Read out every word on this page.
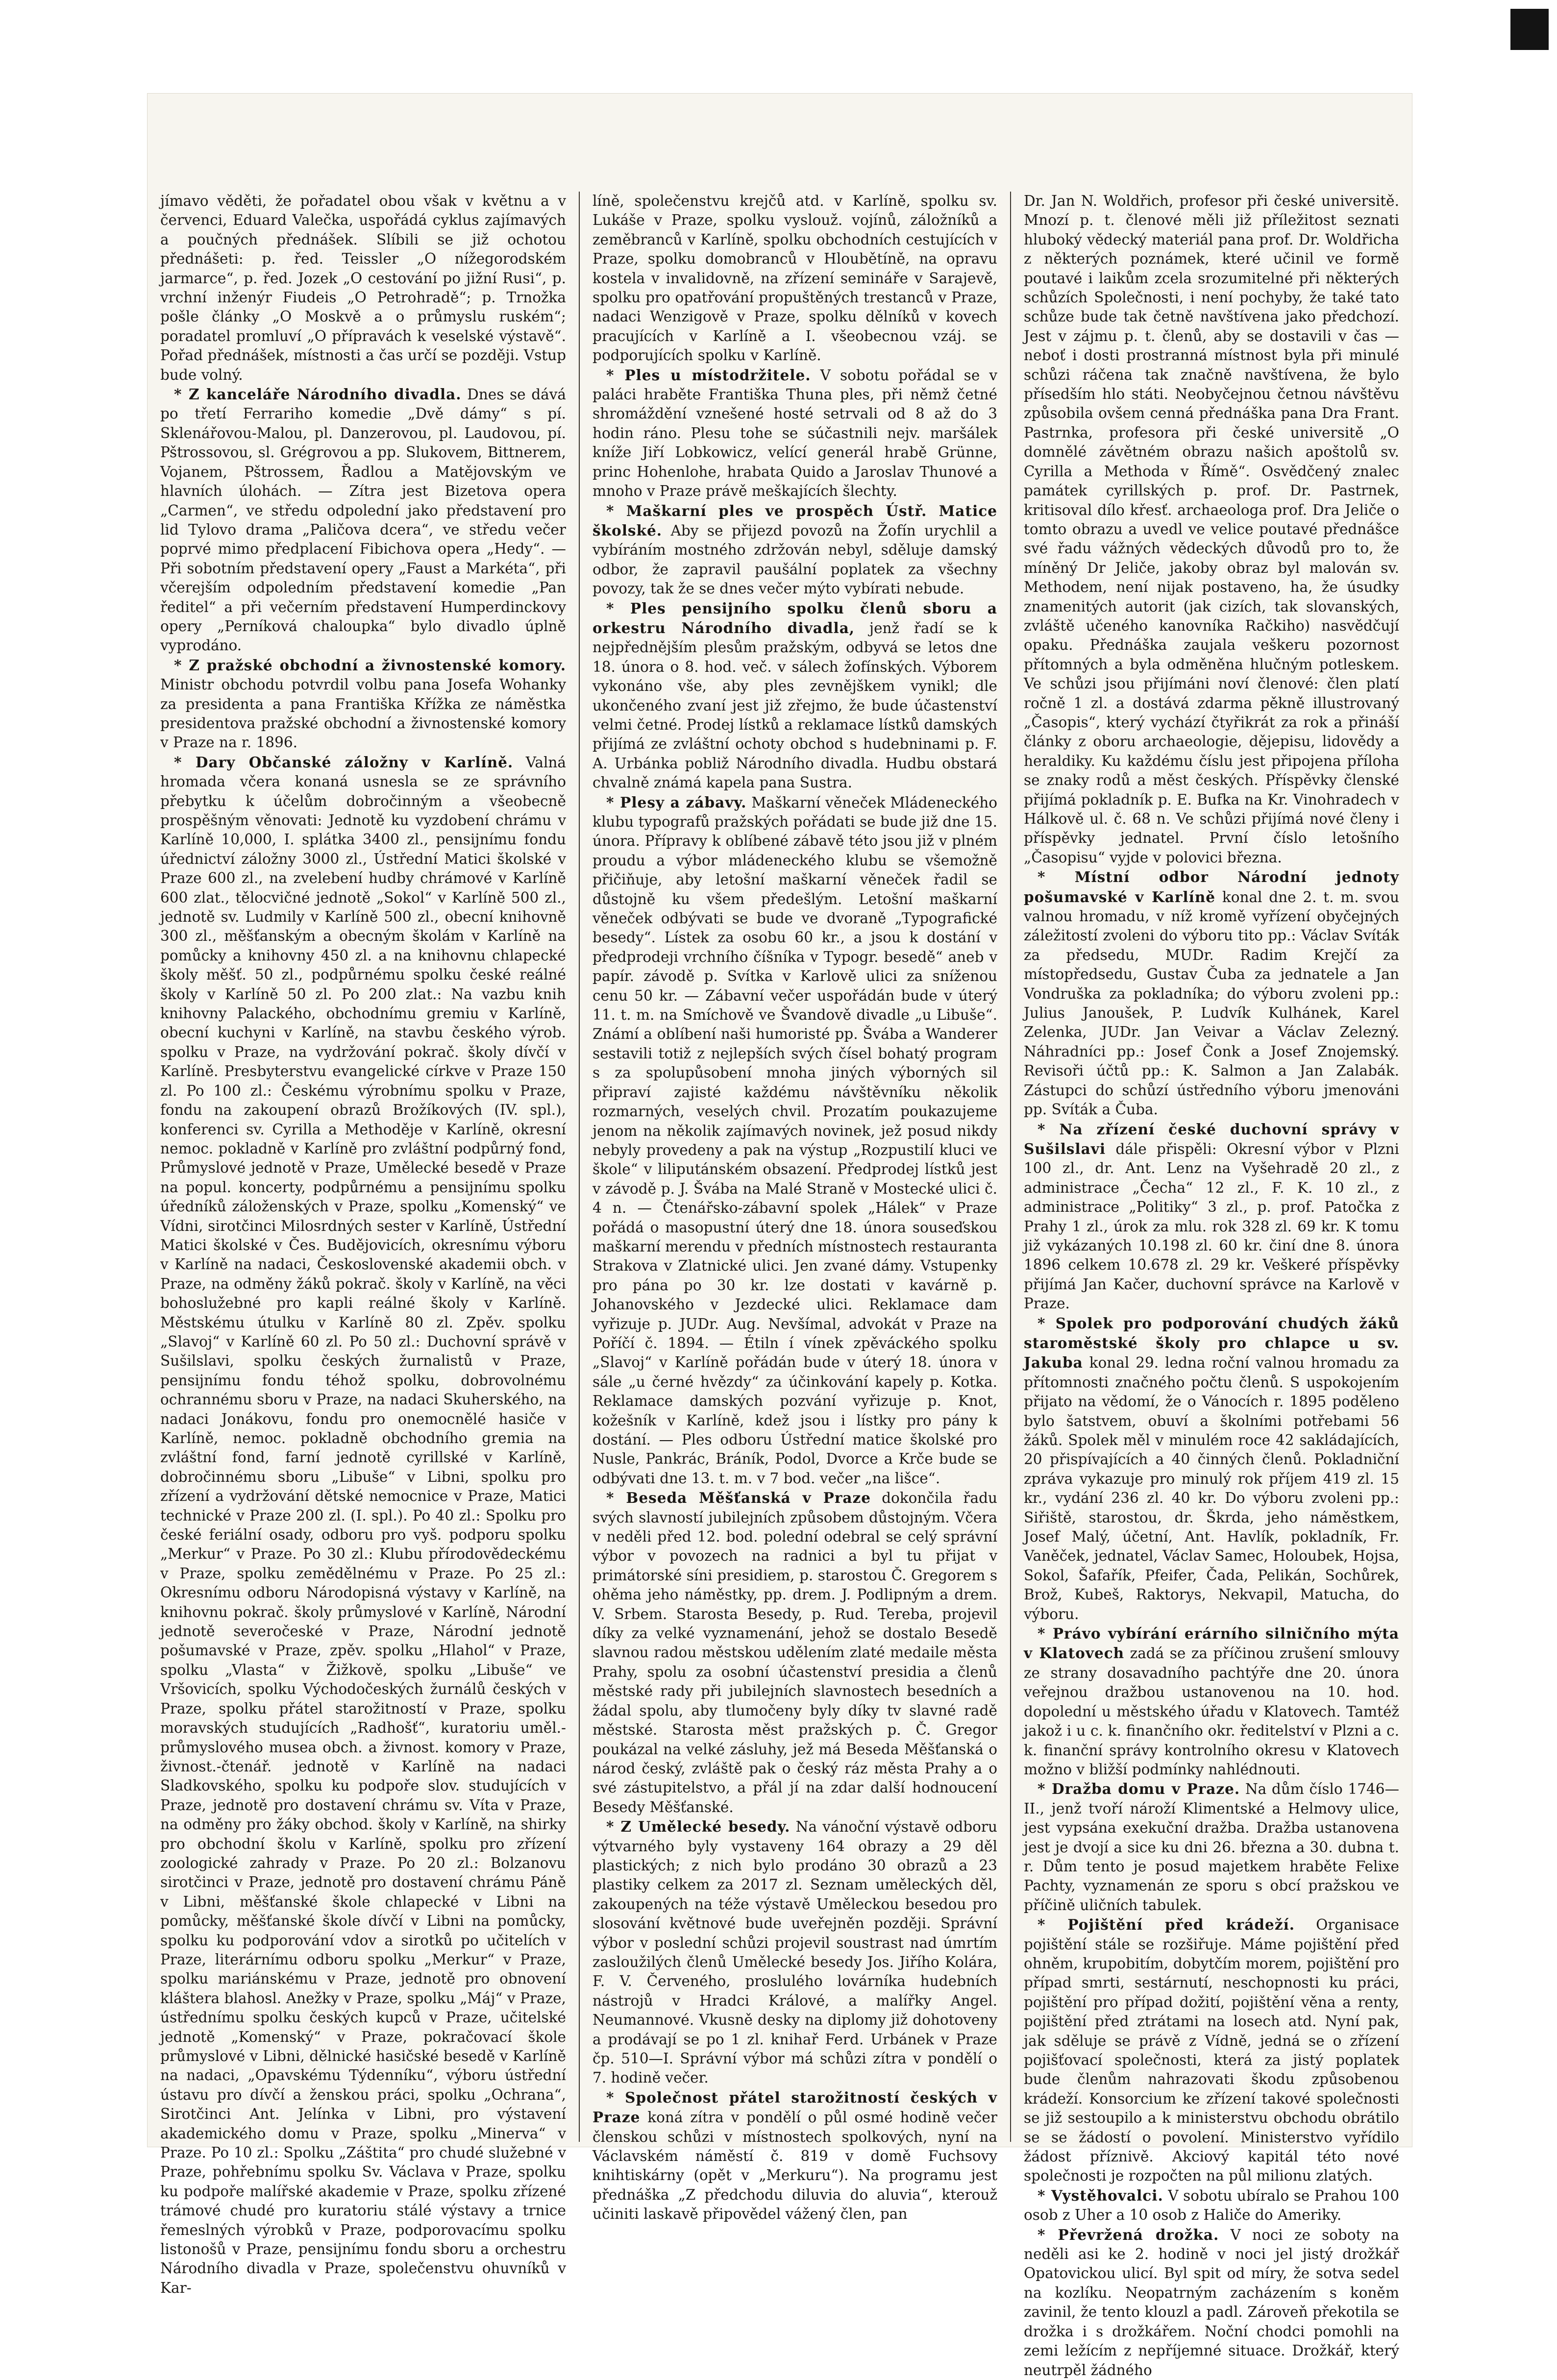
jímavo věděti, že pořadatel obou však v květnu a v červenci, Eduard Valečka, uspořádá cyklus zajímavých a poučných přednášek. Slíbili se již ochotou přednášeti: p. řed. Teissler „O nížegorodském jarmarce“, p. řed. Jozek „O cestování po jižní Rusi“, p. vrchní inženýr Fiudeis „O Petrohradě“; p. Trnožka pošle články „O Moskvě a o průmyslu ruském“; poradatel promluví „O přípravách k veselské výstavě“. Pořad přednášek, místnosti a čas určí se později. Vstup bude volný.

* Z kanceláře Národního divadla. Dnes se dává po třetí Ferrariho komedie „Dvě dámy“ s pí. Sklenářovou-Malou, pl. Danzerovou, pl. Laudovou, pí. Pštrossovou, sl. Grégrovou a pp. Slukovem, Bittnerem, Vojanem, Pštrossem, Řadlou a Matějovským ve hlavních úlohách. — Zítra jest Bizetova opera „Carmen“, ve středu odpolední jako představení pro lid Tylovo drama „Paličova dcera“, ve středu večer poprvé mimo předplacení Fibichova opera „Hedy“. — Při sobotním představení opery „Faust a Markéta“, při včerejším odpoledním představení komedie „Pan ředitel“ a při večerním představení Humperdinckovy opery „Perníková chaloupka“ bylo divadlo úplně vyprodáno.

* Z pražské obchodní a živnostenské komory. Ministr obchodu potvrdil volbu pana Josefa Wohanky za presidenta a pana Františka Křížka ze náměstka presidentova pražské obchodní a živnostenské komory v Praze na r. 1896.

* Dary Občanské záložny v Karlíně. Valná hromada včera konaná usnesla se ze správního přebytku k účelům dobročinným a všeobecně prospěšným věnovati: Jednotě ku vyzdobení chrámu v Karlíně 10,000, I. splátka 3400 zl., pensijnímu fondu úřednictví záložny 3000 zl., Ústřední Matici školské v Praze 600 zl., na zvelebení hudby chrámové v Karlíně 600 zlat., tělocvičné jednotě „Sokol“ v Karlíně 500 zl., jednotě sv. Ludmily v Karlíně 500 zl., obecní knihovně 300 zl., měšťanským a obecným školám v Karlíně na pomůcky a knihovny 450 zl. a na knihovnu chlapecké školy měšť. 50 zl., podpůrnému spolku české reálné školy v Karlíně 50 zl. Po 200 zlat.: Na vazbu knih knihovny Palackého, obchodnímu gremiu v Karlíně, obecní kuchyni v Karlíně, na stavbu českého výrob. spolku v Praze, na vydržování pokrač. školy dívčí v Karlíně. Presbyterstvu evangelické církve v Praze 150 zl. Po 100 zl.: Českému výrobnímu spolku v Praze, fondu na zakoupení obrazů Brožíkových (IV. spl.), konferenci sv. Cyrilla a Methoděje v Karlíně, okresní nemoc. pokladně v Karlíně pro zvláštní podpůrný fond, Průmyslové jednotě v Praze, Umělecké besedě v Praze na popul. koncerty, podpůrnému a pensijnímu spolku úředníků záloženských v Praze, spolku „Komenský“ ve Vídni, sirotčinci Milosrdných sester v Karlíně, Ústřední Matici školské v Čes. Budějovicích, okresnímu výboru v Karlíně na nadaci, Československé akademii obch. v Praze, na odměny žáků pokrač. školy v Karlíně, na věci bohoslužebné pro kapli reálné školy v Karlíně. Městskému útulku v Karlíně 80 zl. Zpěv. spolku „Slavoj“ v Karlíně 60 zl. Po 50 zl.: Duchovní správě v Sušilslavi, spolku českých žurnalistů v Praze, pensijnímu fondu téhož spolku, dobrovolnému ochrannému sboru v Praze, na nadaci Skuherského, na nadaci Jonákovu, fondu pro onemocnělé hasiče v Karlíně, nemoc. pokladně obchodního gremia na zvláštní fond, farní jednotě cyrillské v Karlíně, dobročinnému sboru „Libuše“ v Libni, spolku pro zřízení a vydržování dětské nemocnice v Praze, Matici technické v Praze 200 zl. (I. spl.). Po 40 zl.: Spolku pro české feriální osady, odboru pro vyš. podporu spolku „Merkur“ v Praze. Po 30 zl.: Klubu přírodovědeckému v Praze, spolku zemědělnému v Praze. Po 25 zl.: Okresnímu odboru Národopisná výstavy v Karlíně, na knihovnu pokrač. školy průmyslové v Karlíně, Národní jednotě severočeské v Praze, Národní jednotě pošumavské v Praze, zpěv. spolku „Hlahol“ v Praze, spolku „Vlasta“ v Žižkově, spolku „Libuše“ ve Vršovicích, spolku Východočeských žurnálů českých v Praze, spolku přátel starožitností v Praze, spolku moravských studujících „Radhošť“, kuratoriu uměl.-průmyslového musea obch. a živnost. komory v Praze, živnost.-čtenář. jednotě v Karlíně na nadaci Sladkovského, spolku ku podpoře slov. studujících v Praze, jednotě pro dostavení chrámu sv. Víta v Praze, na odměny pro žáky obchod. školy v Karlíně, na shirky pro obchodní školu v Karlíně, spolku pro zřízení zoologické zahrady v Praze. Po 20 zl.: Bolzanovu sirotčinci v Praze, jednotě pro dostavení chrámu Páně v Libni, měšťanské škole chlapecké v Libni na pomůcky, měšťanské škole dívčí v Libni na pomůcky, spolku ku podporování vdov a sirotků po učitelích v Praze, literárnímu odboru spolku „Merkur“ v Praze, spolku mariánskému v Praze, jednotě pro obnovení kláštera blahosl. Anežky v Praze, spolku „Máj“ v Praze, ústřednímu spolku českých kupců v Praze, učitelské jednotě „Komenský“ v Praze, pokračovací škole průmyslové v Libni, dělnické hasičské besedě v Karlíně na nadaci, „Opavskému Týdenníku“, výboru ústřední ústavu pro dívčí a ženskou práci, spolku „Ochrana“, Sirotčinci Ant. Jelínka v Libni, pro výstavení akademického domu v Praze, spolku „Minerva“ v Praze. Po 10 zl.: Spolku „Záštita“ pro chudé služebné v Praze, pohřebnímu spolku Sv. Václava v Praze, spolku ku podpoře malířské akademie v Praze, spolku zřízené trámové chudé pro kuratoriu stálé výstavy a trnice řemeslných výrobků v Praze, podporovacímu spolku listonošů v Praze, pensijnímu fondu sboru a orchestru Národního divadla v Praze, společenstvu ohuvníků v Kar-

líně, společenstvu krejčů atd. v Karlíně, spolku sv. Lukáše v Praze, spolku vyslouž. vojínů, záložníků a zeměbranců v Karlíně, spolku obchodních cestujících v Praze, spolku domobranců v Hloubětíně, na opravu kostela v invalidovně, na zřízení semináře v Sarajevě, spolku pro opatřování propuštěných trestanců v Praze, nadaci Wenzigově v Praze, spolku dělníků v kovech pracujících v Karlíně a I. všeobecnou vzáj. se podporujících spolku v Karlíně.

* Ples u místodržitele. V sobotu pořádal se v paláci hraběte Františka Thuna ples, při němž četné shromáždění vznešené hosté setrvali od 8 až do 3 hodin ráno. Plesu tohe se súčastnili nejv. maršálek kníže Jiří Lobkowicz, velící generál hrabě Grünne, princ Hohenlohe, hrabata Quido a Jaroslav Thunové a mnoho v Praze právě meškajících šlechty.

* Maškarní ples ve prospěch Ústř. Matice školské. Aby se přijezd povozů na Žofín urychlil a vybíráním mostného zdržován nebyl, sděluje damský odbor, že zapravil paušální poplatek za všechny povozy, tak že se dnes večer mýto vybírati nebude.

* Ples pensijního spolku členů sboru a orkestru Národního divadla, jenž řadí se k nejpřednějším plesům pražským, odbyvá se letos dne 18. února o 8. hod. več. v sálech žofínských. Výborem vykonáno vše, aby ples zevnějškem vynikl; dle ukončeného zvaní jest již zřejmo, že bude účastenství velmi četné. Prodej lístků a reklamace lístků damských přijímá ze zvláštní ochoty obchod s hudebninami p. F. A. Urbánka pobliž Národního divadla. Hudbu obstará chvalně známá kapela pana Sustra.

* Plesy a zábavy. Maškarní věneček Mládeneckého klubu typografů pražských pořádati se bude již dne 15. února. Přípravy k oblíbené zábavě této jsou již v plném proudu a výbor mládeneckého klubu se všemožně přičiňuje, aby letošní maškarní věneček řadil se důstojně ku všem předešlým. Letošní maškarní věneček odbývati se bude ve dvoraně „Typografické besedy“. Lístek za osobu 60 kr., a jsou k dostání v předprodeji vrchního číšníka v Typogr. besedě“ aneb v papír. závodě p. Svítka v Karlově ulici za sníženou cenu 50 kr. — Zábavní večer uspořádán bude v úterý 11. t. m. na Smíchově ve Švandově divadle „u Libuše“. Známí a oblíbení naši humoristé pp. Švába a Wanderer sestavili totiž z nejlepších svých čísel bohatý program s za spolupůsobení mnoha jiných výborných sil připraví zajisté každému návštěvníku několik rozmarných, veselých chvil. Prozatím poukazujeme jenom na několik zajímavých novinek, jež posud nikdy nebyly provedeny a pak na výstup „Rozpustilí kluci ve škole“ v liliputánském obsazení. Předprodej lístků jest v závodě p. J. Švába na Malé Straně v Mostecké ulici č. 4 n. — Čtenářsko-zábavní spolek „Hálek“ v Praze pořádá o masopustní úterý dne 18. února souseďskou maškarní merendu v předních místnostech restauranta Strakova v Zlatnické ulici. Jen zvané dámy. Vstupenky pro pána po 30 kr. lze dostati v kavárně p. Johanovského v Jezdecké ulici. Reklamace dam vyřizuje p. JUDr. Aug. Nevšímal, advokát v Praze na Poříčí č. 1894. — Étiln í vínek zpěváckého spolku „Slavoj“ v Karlíně pořádán bude v úterý 18. února v sále „u černé hvězdy“ za účinkování kapely p. Kotka. Reklamace damských pozvání vyřizuje p. Knot, kožešník v Karlíně, kdež jsou i lístky pro pány k dostání. — Ples odboru Ústřední matice školské pro Nusle, Pankrác, Bráník, Podol, Dvorce a Krče bude se odbývati dne 13. t. m. v 7 bod. večer „na lišce“.

* Beseda Měšťanská v Praze dokončila řadu svých slavností jubilejních způsobem důstojným. Včera v neděli před 12. bod. polední odebral se celý správní výbor v povozech na radnici a byl tu přijat v primátorské síni presidiem, p. starostou Č. Gregorem s ohěma jeho náměstky, pp. drem. J. Podlipným a drem. V. Srbem. Starosta Besedy, p. Rud. Tereba, projevil díky za velké vyznamenání, jehož se dostalo Besedě slavnou radou městskou udělením zlaté medaile města Prahy, spolu za osobní účastenství presidia a členů městské rady při jubilejních slavnostech besedních a žádal spolu, aby tlumočeny byly díky tv slavné radě městské. Starosta měst pražských p. Č. Gregor poukázal na velké zásluhy, jež má Beseda Měšťanská o národ český, zvláště pak o český ráz města Prahy a o své zástupitelstvo, a přál jí na zdar další hodnoucení Besedy Měšťanské.

* Z Umělecké besedy. Na vánoční výstavě odboru výtvarného byly vystaveny 164 obrazy a 29 děl plastických; z nich bylo prodáno 30 obrazů a 23 plastiky celkem za 2017 zl. Seznam uměleckých děl, zakoupených na téže výstavě Uměleckou besedou pro slosování květnové bude uveřejněn později. Správní výbor v poslední schůzi projevil soustrast nad úmrtím zasloužilých členů Umělecké besedy Jos. Jiřího Kolára, F. V. Červeného, proslulého lovárníka hudebních nástrojů v Hradci Králové, a malířky Angel. Neumannové. Vkusně desky na diplomy již dohotoveny a prodávají se po 1 zl. knihař Ferd. Urbánek v Praze čp. 510—I. Správní výbor má schůzi zítra v pondělí o 7. hodině večer.

* Společnost přátel starožitností českých v Praze koná zítra v pondělí o půl osmé hodině večer členskou schůzi v místnostech spolkových, nyní na Václavském náměstí č. 819 v domě Fuchsovy knihtiskárny (opět v „Merkuru“). Na programu jest přednáška „Z předchodu diluvia do aluvia“, kterouž učiniti laskavě připovědel vážený člen, pan

Dr. Jan N. Woldřich, profesor při české universitě. Mnozí p. t. členové měli již příležitost seznati hluboký vědecký materiál pana prof. Dr. Woldřicha z některých poznámek, které učinil ve formě poutavé i laikům zcela srozumitelné při některých schůzích Společnosti, i není pochyby, že také tato schůze bude tak četně navštívena jako předchozí. Jest v zájmu p. t. členů, aby se dostavili v čas — neboť i dosti prostranná místnost byla při minulé schůzi ráčena tak značně navštívena, že bylo přísedším hlo státi. Neobyčejnou četnou návštěvu způsobila ovšem cenná přednáška pana Dra Frant. Pastrnka, profesora při české universitě „O domnělé závětném obrazu našich apoštolů sv. Cyrilla a Methoda v Římě“. Osvědčený znalec památek cyrillských p. prof. Dr. Pastrnek, kritisoval dílo křesť. archaeologa prof. Dra Jeliče o tomto obrazu a uvedl ve velice poutavé přednášce své řadu vážných vědeckých důvodů pro to, že míněný Dr Jeliče, jakoby obraz byl malován sv. Methodem, není nijak postaveno, ha, že úsudky znamenitých autorit (jak cizích, tak slovanských, zvláště učeného kanovníka Račkiho) nasvědčují opaku. Přednáška zaujala veškeru pozornost přítomných a byla odměněna hlučným potleskem. Ve schůzi jsou přijímáni noví členové: člen platí ročně 1 zl. a dostává zdarma pěkně illustrovaný „Časopis“, který vychází čtyřikrát za rok a přináší články z oboru archaeologie, dějepisu, lidovědy a heraldiky. Ku každému číslu jest připojena příloha se znaky rodů a měst českých. Příspěvky členské přijímá pokladník p. E. Bufka na Kr. Vinohradech v Hálkově ul. č. 68 n. Ve schůzi přijímá nové členy i příspěvky jednatel. První číslo letošního „Časopisu“ vyjde v polovici března.

* Místní odbor Národní jednoty pošumavské v Karlíně konal dne 2. t. m. svou valnou hromadu, v níž kromě vyřízení obyčejných záležitostí zvoleni do výboru tito pp.: Václav Svíták za předsedu, MUDr. Radim Krejčí za místopředsedu, Gustav Čuba za jednatele a Jan Vondruška za pokladníka; do výboru zvoleni pp.: Julius Janoušek, P. Ludvík Kulhánek, Karel Zelenka, JUDr. Jan Veivar a Václav Zelezný. Náhradníci pp.: Josef Čonk a Josef Znojemský. Revisoři účtů pp.: K. Salmon a Jan Zalabák. Zástupci do schůzí ústředního výboru jmenováni pp. Svíták a Čuba.

* Na zřízení české duchovní správy v Sušilslavi dále přispěli: Okresní výbor v Plzni 100 zl., dr. Ant. Lenz na Vyšehradě 20 zl., z administrace „Čecha“ 12 zl., F. K. 10 zl., z administrace „Politiky“ 3 zl., p. prof. Patočka z Prahy 1 zl., úrok za mlu. rok 328 zl. 69 kr. K tomu již vykázaných 10.198 zl. 60 kr. činí dne 8. února 1896 celkem 10.678 zl. 29 kr. Veškeré příspěvky přijímá Jan Kačer, duchovní správce na Karlově v Praze.

* Spolek pro podporování chudých žáků staroměstské školy pro chlapce u sv. Jakuba konal 29. ledna roční valnou hromadu za přítomnosti značného počtu členů. S uspokojením přijato na vědomí, že o Vánocích r. 1895 poděleno bylo šatstvem, obuví a školními potřebami 56 žáků. Spolek měl v minulém roce 42 sakládajících, 20 přispívajících a 40 činných členů. Pokladniční zpráva vykazuje pro minulý rok příjem 419 zl. 15 kr., vydání 236 zl. 40 kr. Do výboru zvoleni pp.: Siřiště, starostou, dr. Škrda, jeho náměstkem, Josef Malý, účetní, Ant. Havlík, pokladník, Fr. Vaněček, jednatel, Václav Samec, Holoubek, Hojsa, Sokol, Šafařík, Pfeifer, Čada, Pelikán, Sochůrek, Brož, Kubeš, Raktorys, Nekvapil, Matucha, do výboru.

* Právo vybírání erárního silničního mýta v Klatovech zadá se za příčinou zrušení smlouvy ze strany dosavadního pachtýře dne 20. února veřejnou dražbou ustanovenou na 10. hod. dopolední u městského úřadu v Klatovech. Tamtéž jakož i u c. k. finančního okr. ředitelství v Plzni a c. k. finanční správy kontrolního okresu v Klatovech možno v bližší podmínky nahlédnouti.

* Dražba domu v Praze. Na dům číslo 1746—II., jenž tvoří nároží Klimentské a Helmovy ulice, jest vypsána exekuční dražba. Dražba ustanovena jest je dvojí a sice ku dni 26. března a 30. dubna t. r. Dům tento je posud majetkem hraběte Felixe Pachty, vyznamenán ze sporu s obcí pražskou ve příčině uličních tabulek.

* Pojištění před krádeží. Organisace pojištění stále se rozšiřuje. Máme pojištění před ohněm, krupobitím, dobytčím morem, pojištění pro případ smrti, sestárnutí, neschopnosti ku práci, pojištění pro případ dožití, pojištění věna a renty, pojištění před ztrátami na losech atd. Nyní pak, jak sděluje se právě z Vídně, jedná se o zřízení pojišťovací společnosti, která za jistý poplatek bude členům nahrazovati škodu způsobenou krádeží. Konsorcium ke zřízení takové společnosti se již sestoupilo a k ministerstvu obchodu obrátilo se se žádostí o povolení. Ministerstvo vyřídilo žádost příznivě. Akciový kapitál této nové společnosti je rozpočten na půl milionu zlatých.

* Vystěhovalci. V sobotu ubíralo se Prahou 100 osob z Uher a 10 osob z Haliče do Ameriky.

* Převržená drožka. V noci ze soboty na neděli asi ke 2. hodině v noci jel jistý drožkář Opatovickou ulicí. Byl spit od míry, že sotva sedel na kozlíku. Neopatrným zacházením s koněm zavinil, že tento klouzl a padl. Zároveň překotila se drožka i s drožkářem. Noční chodci pomohli na zemi ležícím z nepříjemné situace. Drožkář, který neutrpěl žádného
